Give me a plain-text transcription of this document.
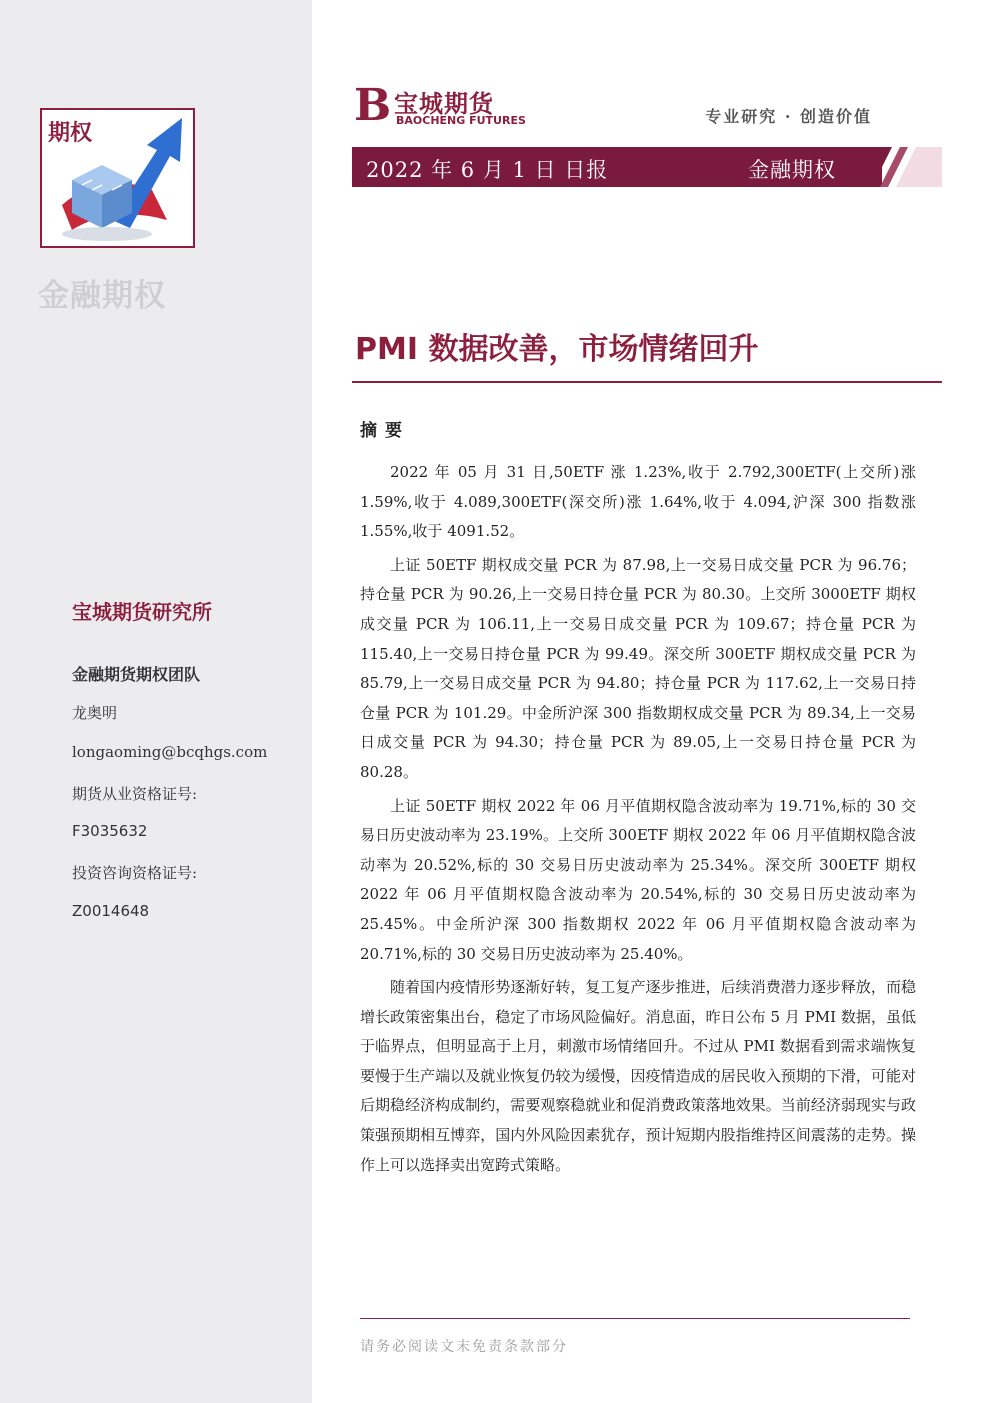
期权
金融期权
宝城期货研究所
金融期货期权团队
龙奥明
longaoming@bcqhgs.com
期货从业资格证号:
F3035632
投资咨询资格证号:
Z0014648
B 宝城期货
BAOCHENG FUTURES	专业研究 · 创造价值
2022 年 6 月 1 日 日报	金融期权
PMI 数据改善，市场情绪回升
摘要

2022 年 05 月 31 日,50ETF 涨 1.23%,收于 2.792,300ETF(上交所)涨 1.59%,收于 4.089,300ETF(深交所)涨 1.64%,收于 4.094,沪深 300 指数涨 1.55%,收于 4091.52。

上证 50ETF 期权成交量 PCR 为 87.98,上一交易日成交量 PCR 为 96.76；持仓量 PCR 为 90.26,上一交易日持仓量 PCR 为 80.30。上交所 3000ETF 期权成交量 PCR 为 106.11,上一交易日成交量 PCR 为 109.67；持仓量 PCR 为 115.40,上一交易日持仓量 PCR 为 99.49。深交所 300ETF 期权成交量 PCR 为 85.79,上一交易日成交量 PCR 为 94.80；持仓量 PCR 为 117.62,上一交易日持仓量 PCR 为 101.29。中金所沪深 300 指数期权成交量 PCR 为 89.34,上一交易日成交量 PCR 为 94.30；持仓量 PCR 为 89.05,上一交易日持仓量 PCR 为 80.28。

上证 50ETF 期权 2022 年 06 月平值期权隐含波动率为 19.71%,标的 30 交易日历史波动率为 23.19%。上交所 300ETF 期权 2022 年 06 月平值期权隐含波动率为 20.52%,标的 30 交易日历史波动率为 25.34%。深交所 300ETF 期权 2022 年 06 月平值期权隐含波动率为 20.54%,标的 30 交易日历史波动率为 25.45%。中金所沪深 300 指数期权 2022 年 06 月平值期权隐含波动率为 20.71%,标的 30 交易日历史波动率为 25.40%。

随着国内疫情形势逐渐好转，复工复产逐步推进，后续消费潜力逐步释放，而稳增长政策密集出台，稳定了市场风险偏好。消息面，昨日公布 5 月 PMI 数据，虽低于临界点，但明显高于上月，刺激市场情绪回升。不过从 PMI 数据看到需求端恢复要慢于生产端以及就业恢复仍较为缓慢，因疫情造成的居民收入预期的下滑，可能对后期稳经济构成制约，需要观察稳就业和促消费政策落地效果。当前经济弱现实与政策强预期相互博弈，国内外风险因素犹存，预计短期内股指维持区间震荡的走势。操作上可以选择卖出宽跨式策略。

请务必阅读文末免责条款部分
